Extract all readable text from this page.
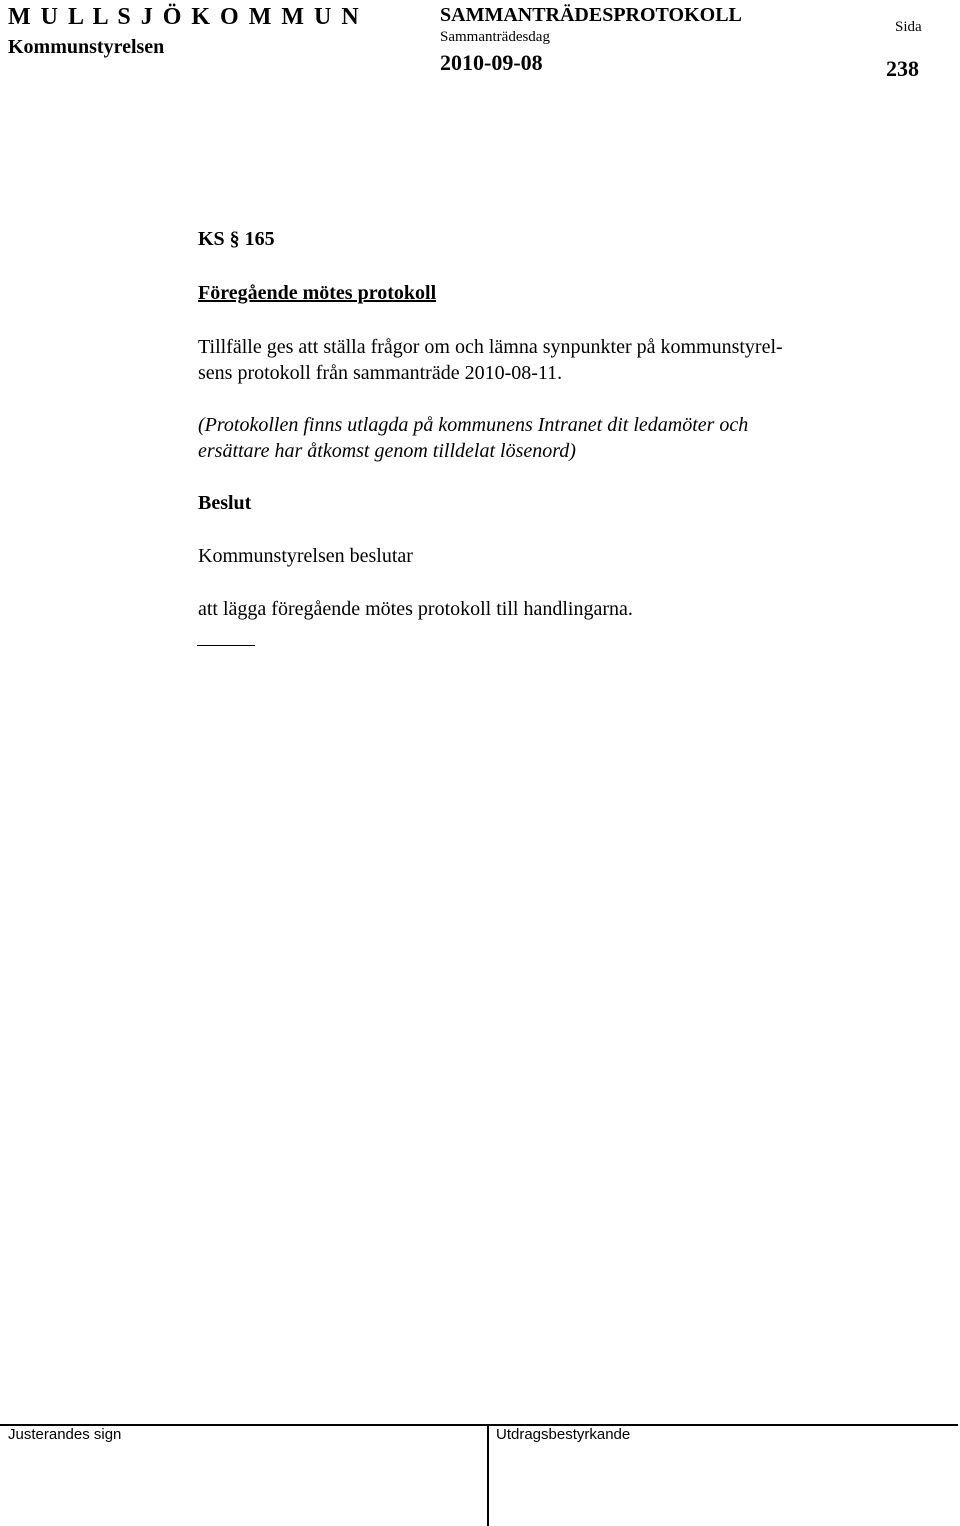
M U L L S J Ö K O M M U N
Kommunstyrelsen
SAMMANTRÄDESPROTOKOLL
Sammanträdesdag
2010-09-08
Sida
238
KS § 165
Föregående mötes protokoll
Tillfälle ges att ställa frågor om och lämna synpunkter på kommunstyrel-
sens protokoll från sammanträde 2010-08-11.
(Protokollen finns utlagda på kommunens Intranet dit ledamöter och
ersättare har åtkomst genom tilldelat lösenord)
Beslut
Kommunstyrelsen beslutar
att lägga föregående mötes protokoll till handlingarna.
Justerandes sign	Utdragsbestyrkande
